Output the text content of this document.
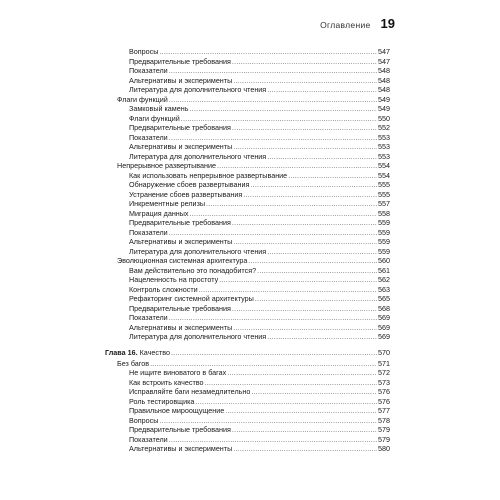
Оглавление 19
Вопросы .....	547
Предварительные требования .....	547
Показатели .....	548
Альтернативы и эксперименты .....	548
Литература для дополнительного чтения .....	548
Флаги функций .....	549
Замковый камень .....	549
Флаги функций .....	550
Предварительные требования .....	552
Показатели .....	553
Альтернативы и эксперименты .....	553
Литература для дополнительного чтения .....	553
Непрерывное развертывание .....	554
Как использовать непрерывное развертывание .....	554
Обнаружение сбоев развертывания .....	555
Устранение сбоев развертывания .....	555
Инкрементные релизы .....	557
Миграция данных .....	558
Предварительные требования .....	559
Показатели .....	559
Альтернативы и эксперименты .....	559
Литература для дополнительного чтения .....	559
Эволюционная системная архитектура .....	560
Вам действительно это понадобится? .....	561
Нацеленность на простоту .....	562
Контроль сложности .....	563
Рефакторинг системной архитектуры .....	565
Предварительные требования .....	568
Показатели .....	569
Альтернативы и эксперименты .....	569
Литература для дополнительного чтения .....	569
Глава 16. Качество .....	570
Без багов .....	571
Не ищите виноватого в багах .....	572
Как встроить качество .....	573
Исправляйте баги незамедлительно .....	576
Роль тестировщика .....	576
Правильное мироощущение .....	577
Вопросы .....	578
Предварительные требования .....	579
Показатели .....	579
Альтернативы и эксперименты .....	580
